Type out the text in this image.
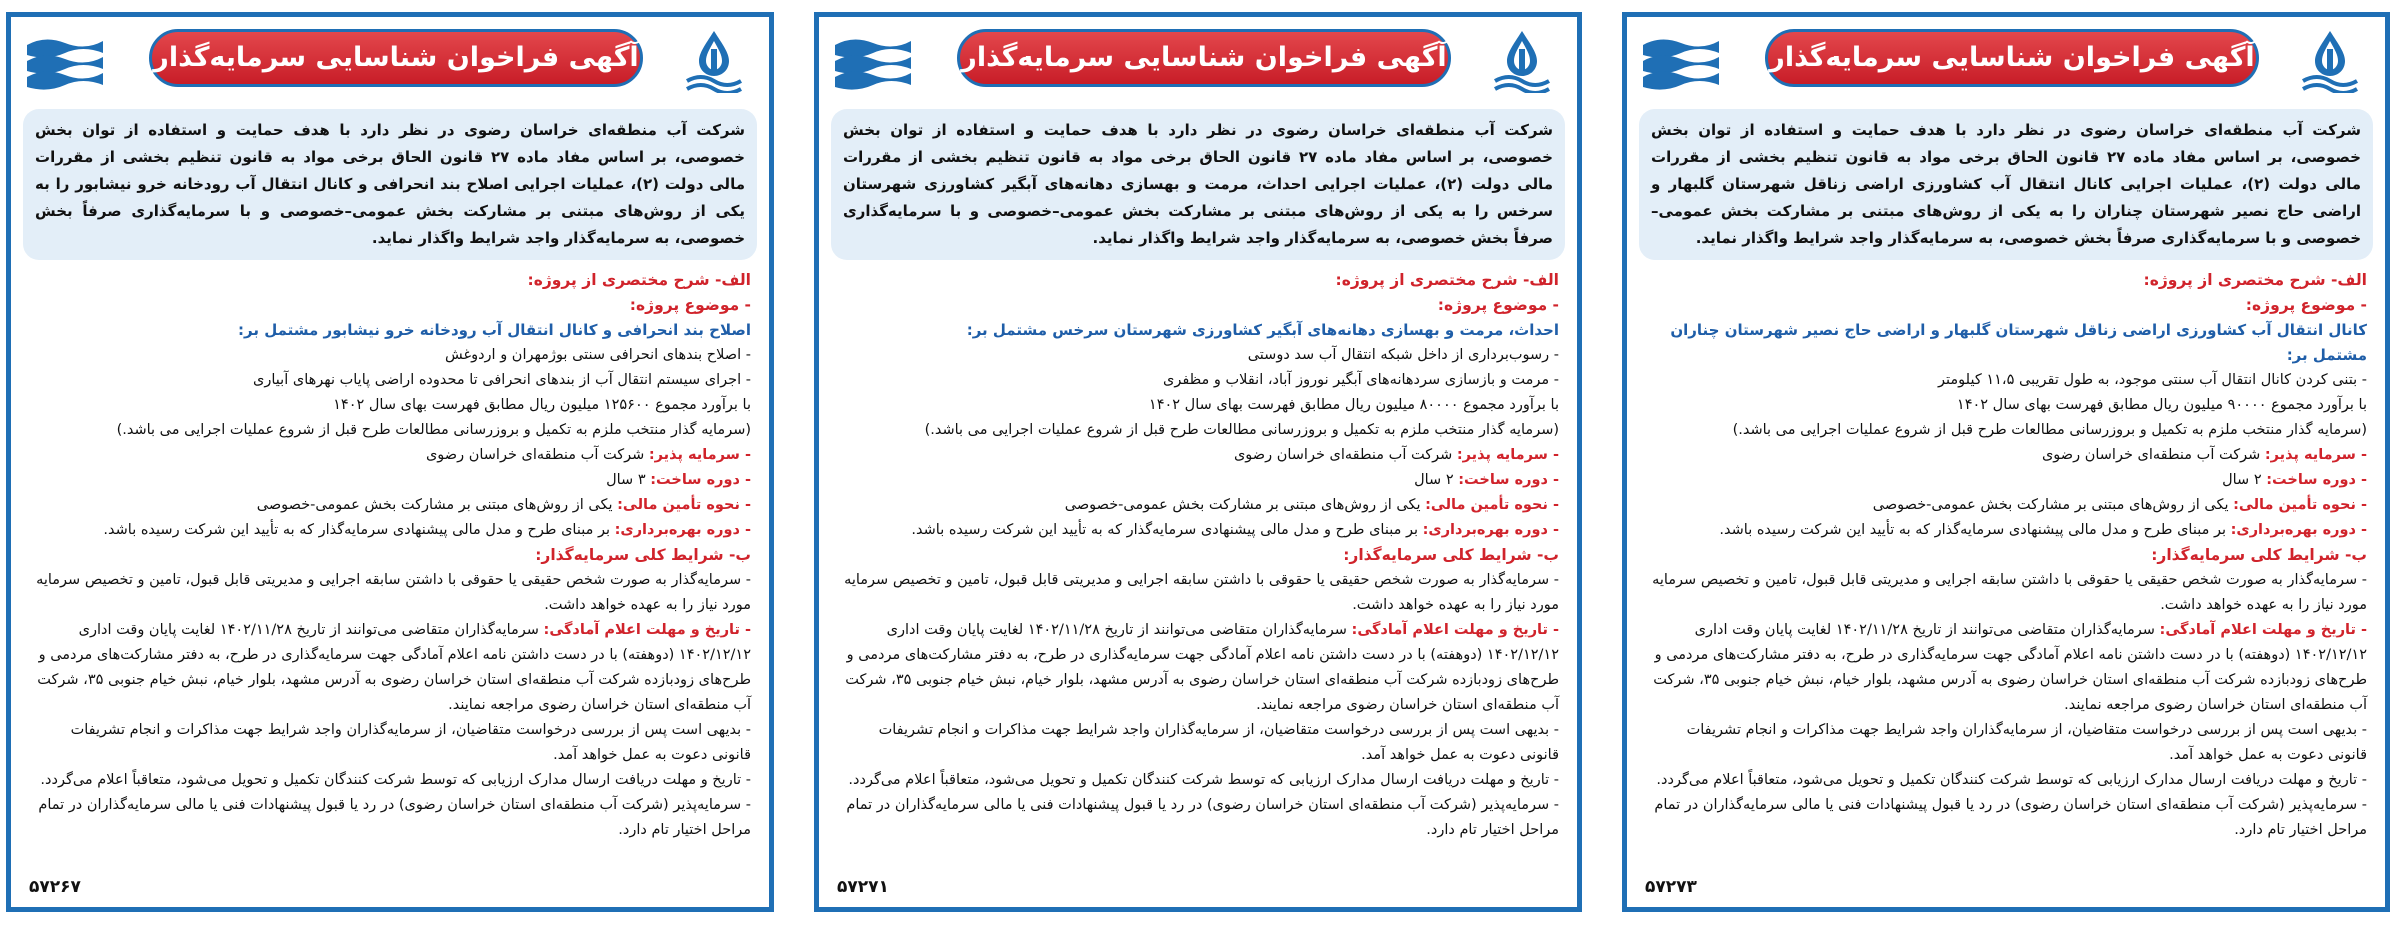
آگهی فراخوان شناسایی سرمایه‌گذار
شرکت آب منطقه‌ای خراسان رضوی در نظر دارد با هدف حمایت و استفاده از توان بخش خصوصی، بر اساس مفاد ماده ۲۷ قانون الحاق برخی مواد به قانون تنظیم بخشی از مقررات مالی دولت (۲)، عملیات اجرایی اصلاح بند انحرافی و کانال انتقال آب رودخانه خرو نیشابور را به یکی از روش‌های مبتنی بر مشارکت بخش عمومی–خصوصی و با سرمایه‌گذاری صرفاً بخش خصوصی، به سرمایه‌گذار واجد شرایط واگذار نماید.

الف- شرح مختصری از پروژه:

- موضوع پروژه:

اصلاح بند انحرافی و کانال انتقال آب رودخانه خرو نیشابور مشتمل بر:

- اصلاح بندهای انحرافی سنتی بوژمهران و اردوغش

- اجرای سیستم انتقال آب از بندهای انحرافی تا محدوده اراضی پایاب نهرهای آبیاری

با برآورد مجموع ۱۲۵۶۰۰ میلیون ریال مطابق فهرست بهای سال ۱۴۰۲

(سرمایه گذار منتخب ملزم به تکمیل و بروزرسانی مطالعات طرح قبل از شروع عملیات اجرایی می باشد.)

- سرمایه پذیر: شرکت آب منطقه‌ای خراسان رضوی

- دوره ساخت: ۳ سال

- نحوه تأمین مالی: یکی از روش‌های مبتنی بر مشارکت بخش عمومی-خصوصی

- دوره بهره‌برداری: بر مبنای طرح و مدل مالی پیشنهادی سرمایه‌گذار که به تأیید این شرکت رسیده باشد.

ب- شرایط کلی سرمایه‌گذار:

- سرمایه‌گذار به صورت شخص حقیقی یا حقوقی با داشتن سابقه اجرایی و مدیریتی قابل قبول، تامین و تخصیص سرمایه مورد نیاز را به عهده خواهد داشت.

- تاریخ و مهلت اعلام آمادگی: سرمایه‌گذاران متقاضی می‌توانند از تاریخ ۱۴۰۲/۱۱/۲۸ لغایت پایان وقت اداری ۱۴۰۲/۱۲/۱۲ (دوهفته) با در دست داشتن نامه اعلام آمادگی جهت سرمایه‌گذاری در طرح، به دفتر مشارکت‌های مردمی و طرح‌های زودبازده شرکت آب منطقه‌ای استان خراسان رضوی به آدرس مشهد، بلوار خیام، نبش خیام جنوبی ۳۵، شرکت آب منطقه‌ای استان خراسان رضوی مراجعه نمایند.

- بدیهی است پس از بررسی درخواست متقاضیان، از سرمایه‌گذاران واجد شرایط جهت مذاکرات و انجام تشریفات قانونی دعوت به عمل خواهد آمد.

- تاریخ و مهلت دریافت ارسال مدارک ارزیابی که توسط شرکت کنندگان تکمیل و تحویل می‌شود، متعاقباً اعلام می‌گردد.

- سرمایه‌پذیر (شرکت آب منطقه‌ای استان خراسان رضوی) در رد یا قبول پیشنهادات فنی یا مالی سرمایه‌گذاران در تمام مراحل اختیار تام دارد.

۵۷۲۶۷
آگهی فراخوان شناسایی سرمایه‌گذار
شرکت آب منطقه‌ای خراسان رضوی در نظر دارد با هدف حمایت و استفاده از توان بخش خصوصی، بر اساس مفاد ماده ۲۷ قانون الحاق برخی مواد به قانون تنظیم بخشی از مقررات مالی دولت (۲)، عملیات اجرایی احداث، مرمت و بهسازی دهانه‌های آبگیر کشاورزی شهرستان سرخس را به یکی از روش‌های مبتنی بر مشارکت بخش عمومی–خصوصی و با سرمایه‌گذاری صرفاً بخش خصوصی، به سرمایه‌گذار واجد شرایط واگذار نماید.

الف- شرح مختصری از پروژه:

- موضوع پروژه:

احداث، مرمت و بهسازی دهانه‌های آبگیر کشاورزی شهرستان سرخس مشتمل بر:

- رسوب‌برداری از داخل شبکه انتقال آب سد دوستی

- مرمت و بازسازی سردهانه‌های آبگیر نوروز آباد، انقلاب و مظفری

با برآورد مجموع ۸۰۰۰۰ میلیون ریال مطابق فهرست بهای سال ۱۴۰۲

(سرمایه گذار منتخب ملزم به تکمیل و بروزرسانی مطالعات طرح قبل از شروع عملیات اجرایی می باشد.)

- سرمایه پذیر: شرکت آب منطقه‌ای خراسان رضوی

- دوره ساخت: ۲ سال

- نحوه تأمین مالی: یکی از روش‌های مبتنی بر مشارکت بخش عمومی-خصوصی

- دوره بهره‌برداری: بر مبنای طرح و مدل مالی پیشنهادی سرمایه‌گذار که به تأیید این شرکت رسیده باشد.

ب- شرایط کلی سرمایه‌گذار:

- سرمایه‌گذار به صورت شخص حقیقی یا حقوقی با داشتن سابقه اجرایی و مدیریتی قابل قبول، تامین و تخصیص سرمایه مورد نیاز را به عهده خواهد داشت.

- تاریخ و مهلت اعلام آمادگی: سرمایه‌گذاران متقاضی می‌توانند از تاریخ ۱۴۰۲/۱۱/۲۸ لغایت پایان وقت اداری ۱۴۰۲/۱۲/۱۲ (دوهفته) با در دست داشتن نامه اعلام آمادگی جهت سرمایه‌گذاری در طرح، به دفتر مشارکت‌های مردمی و طرح‌های زودبازده شرکت آب منطقه‌ای استان خراسان رضوی به آدرس مشهد، بلوار خیام، نبش خیام جنوبی ۳۵، شرکت آب منطقه‌ای استان خراسان رضوی مراجعه نمایند.

- بدیهی است پس از بررسی درخواست متقاضیان، از سرمایه‌گذاران واجد شرایط جهت مذاکرات و انجام تشریفات قانونی دعوت به عمل خواهد آمد.

- تاریخ و مهلت دریافت ارسال مدارک ارزیابی که توسط شرکت کنندگان تکمیل و تحویل می‌شود، متعاقباً اعلام می‌گردد.

- سرمایه‌پذیر (شرکت آب منطقه‌ای استان خراسان رضوی) در رد یا قبول پیشنهادات فنی یا مالی سرمایه‌گذاران در تمام مراحل اختیار تام دارد.

۵۷۲۷۱
آگهی فراخوان شناسایی سرمایه‌گذار
شرکت آب منطقه‌ای خراسان رضوی در نظر دارد با هدف حمایت و استفاده از توان بخش خصوصی، بر اساس مفاد ماده ۲۷ قانون الحاق برخی مواد به قانون تنظیم بخشی از مقررات مالی دولت (۲)، عملیات اجرایی کانال انتقال آب کشاورزی اراضی زناقل شهرستان گلبهار و اراضی حاج نصیر شهرستان چناران را به یکی از روش‌های مبتنی بر مشارکت بخش عمومی–خصوصی و با سرمایه‌گذاری صرفاً بخش خصوصی، به سرمایه‌گذار واجد شرایط واگذار نماید.

الف- شرح مختصری از پروژه:

- موضوع پروژه:

کانال انتقال آب کشاورزی اراضی زناقل شهرستان گلبهار و اراضی حاج نصیر شهرستان چناران مشتمل بر:

- بتنی کردن کانال انتقال آب سنتی موجود، به طول تقریبی ۱۱،۵ کیلومتر

با برآورد مجموع ۹۰۰۰۰ میلیون ریال مطابق فهرست بهای سال ۱۴۰۲

(سرمایه گذار منتخب ملزم به تکمیل و بروزرسانی مطالعات طرح قبل از شروع عملیات اجرایی می باشد.)

- سرمایه پذیر: شرکت آب منطقه‌ای خراسان رضوی

- دوره ساخت: ۲ سال

- نحوه تأمین مالی: یکی از روش‌های مبتنی بر مشارکت بخش عمومی-خصوصی

- دوره بهره‌برداری: بر مبنای طرح و مدل مالی پیشنهادی سرمایه‌گذار که به تأیید این شرکت رسیده باشد.

ب- شرایط کلی سرمایه‌گذار:

- سرمایه‌گذار به صورت شخص حقیقی یا حقوقی با داشتن سابقه اجرایی و مدیریتی قابل قبول، تامین و تخصیص سرمایه مورد نیاز را به عهده خواهد داشت.

- تاریخ و مهلت اعلام آمادگی: سرمایه‌گذاران متقاضی می‌توانند از تاریخ ۱۴۰۲/۱۱/۲۸ لغایت پایان وقت اداری ۱۴۰۲/۱۲/۱۲ (دوهفته) با در دست داشتن نامه اعلام آمادگی جهت سرمایه‌گذاری در طرح، به دفتر مشارکت‌های مردمی و طرح‌های زودبازده شرکت آب منطقه‌ای استان خراسان رضوی به آدرس مشهد، بلوار خیام، نبش خیام جنوبی ۳۵، شرکت آب منطقه‌ای استان خراسان رضوی مراجعه نمایند.

- بدیهی است پس از بررسی درخواست متقاضیان، از سرمایه‌گذاران واجد شرایط جهت مذاکرات و انجام تشریفات قانونی دعوت به عمل خواهد آمد.

- تاریخ و مهلت دریافت ارسال مدارک ارزیابی که توسط شرکت کنندگان تکمیل و تحویل می‌شود، متعاقباً اعلام می‌گردد.

- سرمایه‌پذیر (شرکت آب منطقه‌ای استان خراسان رضوی) در رد یا قبول پیشنهادات فنی یا مالی سرمایه‌گذاران در تمام مراحل اختیار تام دارد.

۵۷۲۷۳
